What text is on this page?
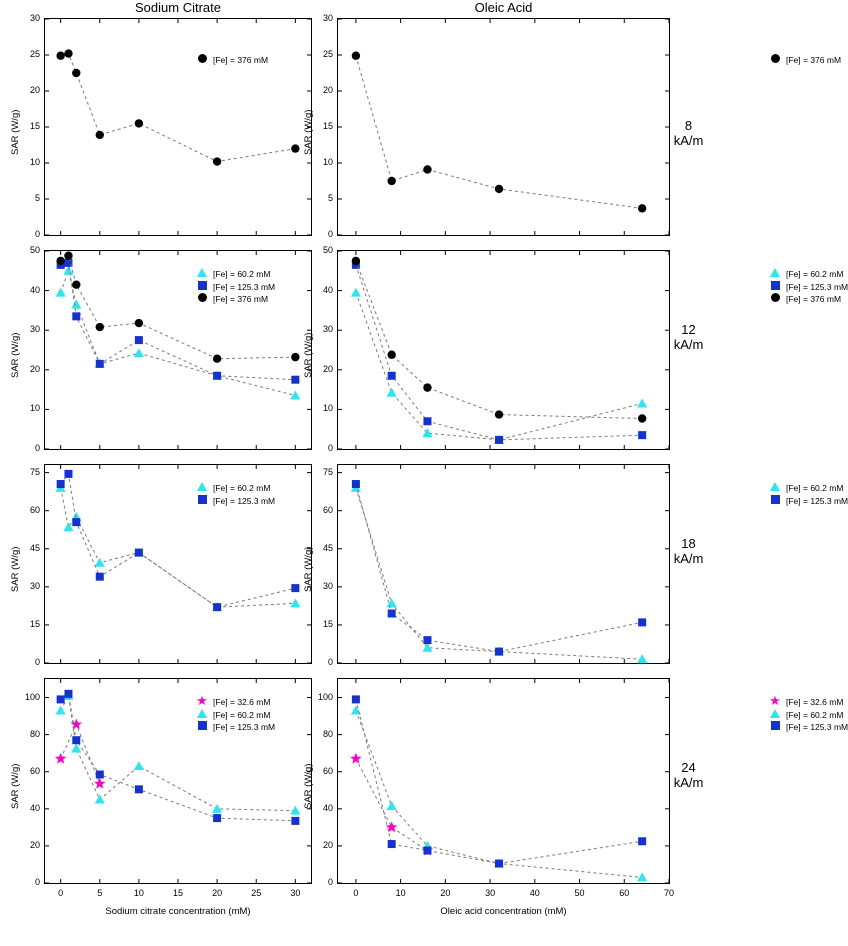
Sodium Citrate	Oleic Acid
8
kA/m
12
kA/m
18
kA/m
24
kA/m
0
5
10
15
20
25
30
SAR (W/g)
[Fe] = 376 mM
0
5
10
15
20
25
30
SAR (W/g)
[Fe] = 376 mM
0
10
20
30
40
50
SAR (W/g)
[Fe] = 60.2 mM
[Fe] = 125.3 mM
[Fe] = 376 mM
0
10
20
30
40
50
SAR (W/g)
[Fe] = 60.2 mM
[Fe] = 125.3 mM
[Fe] = 376 mM
0
15
30
45
60
75
SAR (W/g)
[Fe] = 60.2 mM
[Fe] = 125.3 mM
0
15
30
45
60
75
SAR (W/g)
[Fe] = 60.2 mM
[Fe] = 125.3 mM
0
20
40
60
80
100
0	5	10	15	20	25	30
SAR (W/g)
★ [Fe] = 32.6 mM
[Fe] = 60.2 mM
[Fe] = 125.3 mM
0
20
40
60
80
100
0	10	20	30	40	50	60	70
SAR (W/g)
★ [Fe] = 32.6 mM
[Fe] = 60.2 mM
[Fe] = 125.3 mM
Sodium citrate concentration (mM)	Oleic acid concentration (mM)
